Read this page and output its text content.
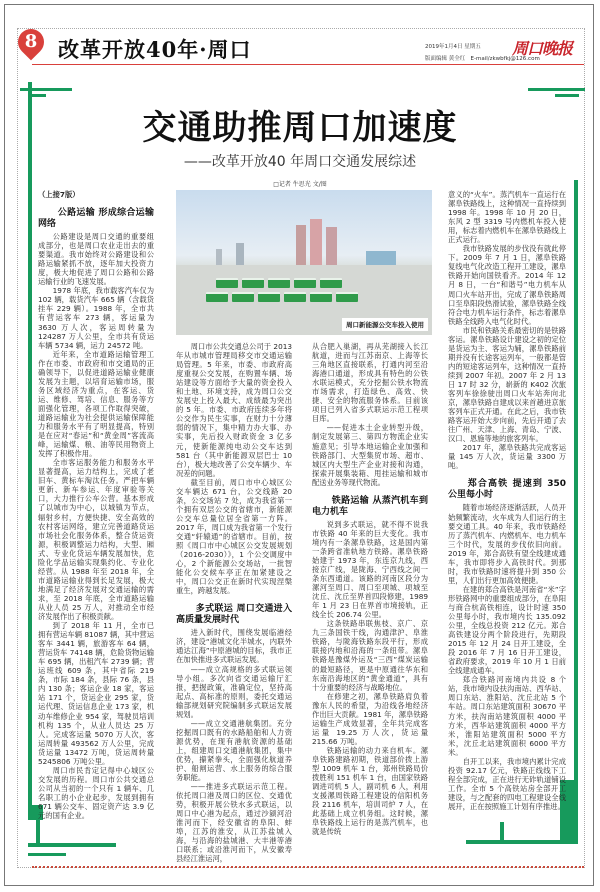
8 改革开放40年·周口	2019年1月4日 星期五
版面编辑 黄全红 E-mail/zkwbfkj@126.com
周口晚报
交通助推周口加速度
——改革开放40 年周口交通发展综述
□记者 牛思光 文/图
周口新能源公交车投入使用

（上接7版）

公路运输 形成综合运输网络

公路建设是周口交通的重要组成部分，也是周口农业走出去的重要渠道。我市始终对公路建设和公路运输紧抓不放，逐年加大投资力度，极大地促进了周口公路和公路运输行业的飞速发展。

1978 年底，我市载客汽车仅为102 辆，载货汽车 665 辆（含载货挂车 229 辆）。1988 年，全市共有营运客车 273 辆，客运量为 3630 万人次，客运周转量为 124287 万人公里，全市共有货运车辆 5734 辆，运力 24572 吨。

近年来，全市道路运输管理工作在市委、市政府和市交通局的正确领导下，以促进道路运输业健康发展为主题，以培育运输市场，服务区域经济为重点，在客运、货运、维修、驾培、信息、服务等方面强化管理，各项工作取得突破，道路运输业为社会提供运输保障能力和服务水平有了明显提高，特别是在应对“春运”和“黄金周”客流高峰，运输煤、粮、油等民用物资上发挥了积极作用。

全市客运服务能力和服务水平显著提高，运力结构上，完成了老旧车、黄标车淘汰任务。严把车辆更新、新车参运、年度审验等关口，大力推行公车公营。基本形成了以城市为中心，以城镇为节点，辐射乡村，方便快捷、安全高效的农村客运网络，建立完善道路货运市场社会化服务体系，整合货运资源，积极调整运力结构，大型、厢式、专业化货运车辆发展加快，危险化学品运输实现集约化、专业化经营。从 1988 年至 2018 年，全市道路运输业得到长足发展，极大地满足了经济发展对交通运输的需求，至 2018 年底，全市道路运输从业人员 25 万人，对推动全市经济发展作出了积极贡献。

到了 2018 年 11 月，全市已拥有营运车辆 81087 辆，其中营运客车 3441 辆，旅游客车 64 辆，营运货车 74148 辆，危险货物运输车 695 辆，出租汽车 2739 辆；营运班线 609 条，其中省际 219 条，市际 184 条，县际 76 条，县内 130 条；客运企业 18 家，客运站 171 个，货运企业 295 家，货运代理、货运信息企业 173 家，机动车维修企业 954 家，驾驶员培训机构 135 个，从业人员达 25 万人。完成客运量 5070 万人次，客运周转量 493562 万人公里，完成货运量 13472 万吨，货运周转量 5245806 万吨公里。

周口市民肯定记得中心城区公交发展的历程。周口市公共交通总公司从当初的一个只有 1 辆车、几名职工的小企业起步，发展到拥有 671 辆公交车、固定资产达 3.9 亿元的国有企业。

周口市公共交通总公司于 2013 年从市城市管理局移交市交通运输局管理。5 年来，市委、市政府高度重视公交发展，在购置车辆、场站建设等方面给予大量的资金投入和土地、环境支持，成为周口公交发展史上投入最大、成绩最为突出的 5 年。市委、市政府连续多年将公交作为民生实事，在财力十分薄弱的情况下，集中精力办大事、办实事，先后投入财政资金 3 亿多元，使新能源纯电动公交车达到 581 台（其中新能源双层巴士 10 台），极大地改善了公交车辆少、车况差的问题。

截至目前，周口市中心城区公交车辆达 671 台，公交线路 20 条，公交场站 7 处，成为我省第一个拥有双层公交的省辖市，新能源公交车总量位居全省第一方阵。2017 年，周口成为我省第一个发行交通“轩辕通”的省辖市。目前，按照《周口市中心城区公交发展规划（2016-2030）》，1 个公交调度中心，2 个新能源公交场站，一批智能化公交候车亭正在加紧建设之中，周口公交正在新时代实现涅槃重生，跨越发展。

多式联运 周口交通进入高质量发展时代

进入新时代，围绕发展临港经济，建设“港城文化半城水，内联外通达江海”中原港城的目标，我市正在加快推进多式联运发展。

——成立高规格的多式联运领导小组。多次向省交通运输厅汇报，把握政策，准确定位，坚持高起点、高标准的原则，委托交通运输部规划研究院编制多式联运发展规划。

——成立交通港航集团。充分挖掘周口既有的水路船舶和人力资源优势，在现有港航资源的基础上，组建周口交通港航集团，集中优势，攥紧拳头，全面强化航道养护、船闸运营、水上服务的综合服务职能。

——推进多式联运示范工程。依托周口港及周口的区位、交通优势，积极开展公铁水多式联运，以周口中心港为起点，通过沙颍河沿淮河而下，经安徽省的阜阳、蚌埠，江苏的淮安，从江苏盐城入海，与沿海的盐城港、大丰港等港口联系；或沿淮河而下，从安徽寿县经江淮运河，

从合肥入巢湖，再从芜湖接入长江航道，进而与江苏南京、上海等长三角地区直接联系，打通内河至沿海港口通道，形成具有特色的公铁水联运模式，充分挖掘公铁水物流市场需求，打造绿色、高效、快捷、安全的物流服务体系。目前该项目已列入省多式联运示范工程项目库。

——促进本土企业转型升级，制定发展第三、第四方物流企业实施意见；引导本地运输企业加强和铁路部门、大型集贸市场、超市、城区内大型生产企业对接和沟通，探索开展集装箱、甩挂运输和城市配送业务等现代物流。

铁路运输 从蒸汽机车到电力机车

说到多式联运，就不得不说我市铁路 40 年来的巨大变化。我市境内有一条漯阜铁路，这是国内第一条跨省准轨地方铁路。漯阜铁路始建于 1973 年，东连京九线，西接京广线，是陇海、宁西线之间一条东西通道。该路的河南区段分为漯河至周口、周口至项城、项城至沈丘、沈丘至界首四段修建，1989 年 1 月 23 日在界首市境接轨，正线全长 206.74 公里。

这条铁路串联焦枝、京广、京九三条国铁干线，沟通津沪、阜淮铁路，与陇海铁路东段平行，形成联接内地和沿海的一条纽带。漯阜铁路是豫煤外运及“三西”煤炭运输的最短路径，更是中原通往华东和东南沿海地区的“黄金通道”，具有十分重要的经济与战略地位。

在修建之初，漯阜铁路肩负着豫东人民的希望，为沿线各地经济作出巨大贡献。1981 年，漯阜铁路运输生产成效显著，全年共完成客运量 19.25 万人次，货运量 215.66 万吨。

铁路运输的动力来自机车。漯阜铁路建路初期，铁道部价拨上游型 1009 机车 1 台，郑州铁路局价拨胜利 151 机车 1 台，由国家铁路调进司机 5 人，副司机 6 人，利用支援漯周铁路工程建设的信阳机务段 2116 机车，培训司炉 7 人，在此基础上成立机务组。这时候，漯阜铁路线上运行的是蒸汽机车，也就是传统

意义的“火车”。蒸汽机车一直运行在漯阜铁路线上，这种情况一直持续到 1998 年。1998 年 10 月 20 日，东风 2 型 3319 号内燃机车投入使用，标志着内燃机车在漯阜铁路线上正式运行。

我市铁路发展的步伐没有就此停下。2009 年 7 月 1 日，漯阜铁路复线电气化改造工程开工建设，漯阜铁路开始向国铁看齐。2014 年 12 月 8 日，一台“和谐号”电力机车从周口火车站开出，完成了漯阜铁路周口至阜阳段热滑试验，漯阜铁路全线符合电力机车运行条件，标志着漯阜铁路全线跨入电气化时代。

市民和铁路关系最密切的是铁路客运。漯阜铁路设计建设之初的定位是货运为主、客运为辅，漯阜铁路前期并没有长途客运列车，一般都是管内的短途客运列车，这种情况一直持续到 2007 年初。2007 年 2 月 13 日 17 时 32 分，崭新的 K402 次旅客列车徐徐驶出周口火车站奔向北京，漯阜铁路自建成以来首趟进京旅客列车正式开通。在此之后，我市铁路客运开始大步向前，先后开通了去往广州、天津、上海、青岛、宁波、汉口、恩施等地的旅客列车。

2017 年，漯阜铁路共完成客运量 145 万人次，货运量 3300 万吨。

郑合高铁 提速到 350 公里每小时

随着市场经济逐渐活跃，人员开始频繁流动，火车成为人们运行的主要交通工具。40 年来，我市铁路经历了蒸汽机车、内燃机车、电力机车三个时代，发展的步伐依旧向前。2019 年，郑合高铁有望全线建成通车，我市即将步入高铁时代。到那时，我市铁路时速将提升到 350 公里，人们出行更加高效便捷。

在建的郑合高铁是河南省“米”字形铁路网中的重要组成部分，在阜阳与商合杭高铁相连，设计时速 350 公里每小时，我市境内长 135.092 公里，全线总投资 212 亿元。郑合高铁建设分两个阶段进行，先期段 2015 年 12 月 24 日开工建设，全段 2016 年 7 月 16 日开工建设，省政府要求，2019 年 10 月 1 日前全线建成通车。

郑合铁路河南境内共设 8 个站，我市境内设扶沟南站、西华站、周口东站、淮阳站、沈丘北站 5 个车站。周口东站建筑面积 30670 平方米，扶沟南站建筑面积 4000 平方米，西华站建筑面积 4000 平方米，淮阳站建筑面积 5000 平方米，沈丘北站建筑面积 6000 平方米。

自开工以来，我市境内累计完成投资 92.17 亿元，铁路正线线下工程全部完成，正在进行无砟轨道铺设工作。全市 5 个高铁站房全部开工建设，与之配套的四电工程建设全线展开，正在按照施工计划有序推进。
